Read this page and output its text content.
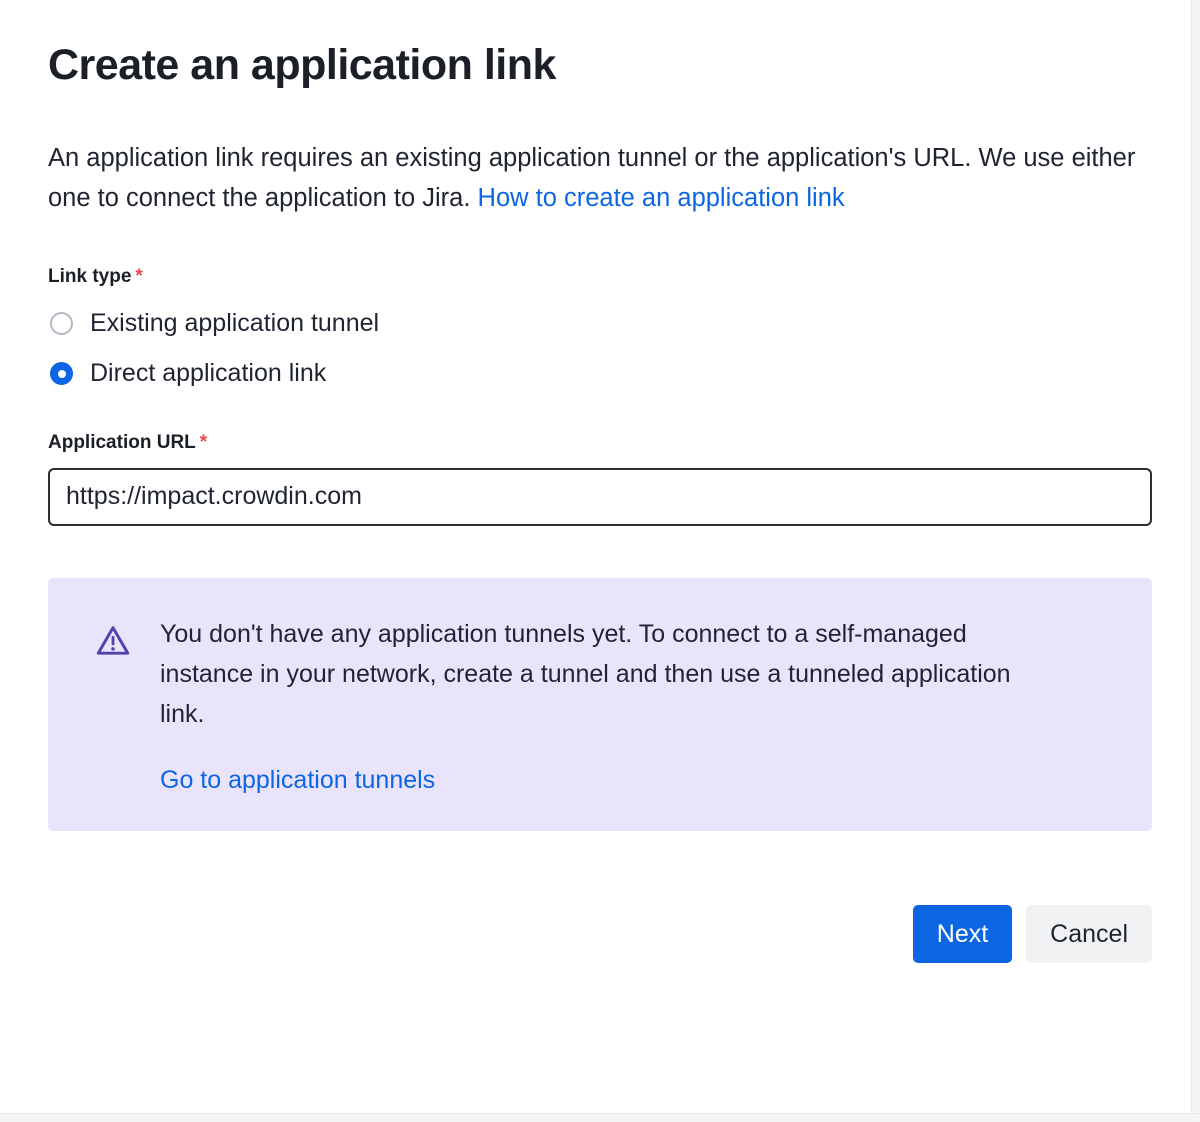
Create an application link

An application link requires an existing application tunnel or the application's URL. We use either one to connect the application to Jira. How to create an application link

Link type *
Existing application tunnel
Direct application link
Application URL *
https://impact.crowdin.com

You don't have any application tunnels yet. To connect to a self-managed instance in your network, create a tunnel and then use a tunneled application link.

Go to application tunnels
Next	Cancel
